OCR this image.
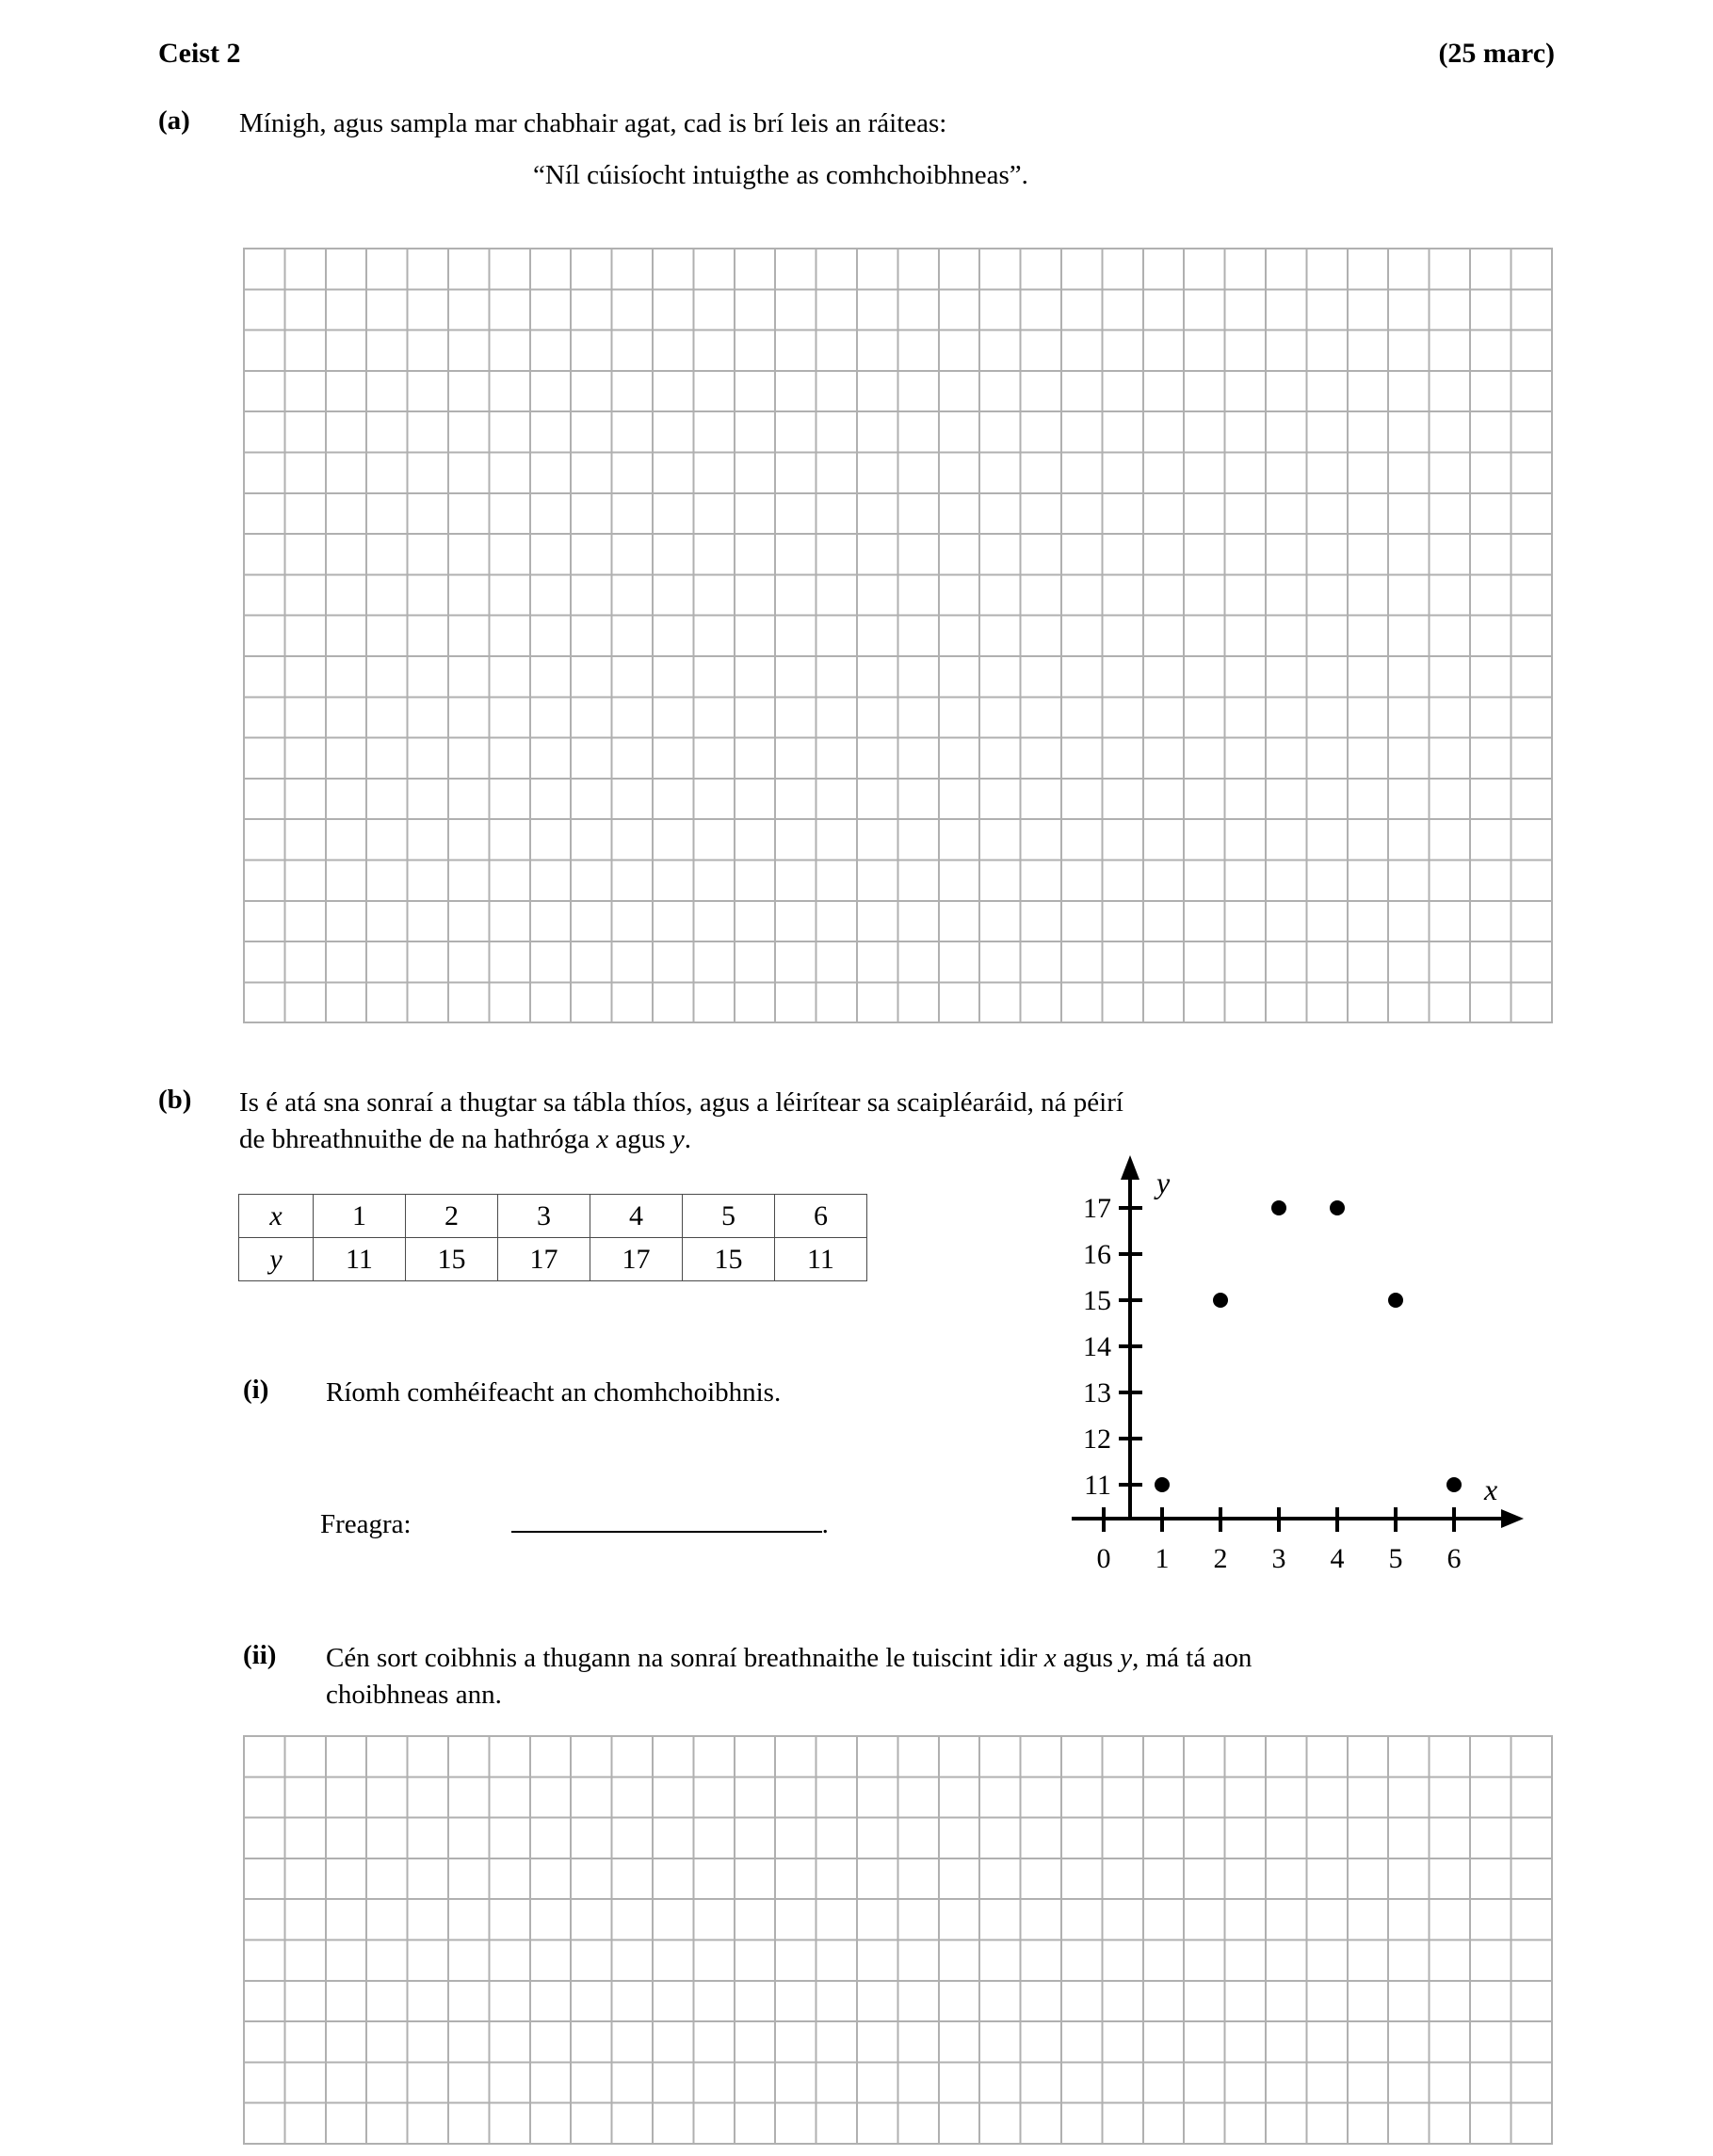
Ceist 2	(25 marc)
(a)	Mínigh, agus sampla mar chabhair agat, cad is brí leis an ráiteas:
“Níl cúisíocht intuigthe as comhchoibhneas”.
(b)	Is é atá sna sonraí a thugtar sa tábla thíos, agus a léirítear sa scaipléaráid, ná péirí
de bhreathnuithe de na hathróga x agus y.
x	1	2	3	4	5	6
y	11	15	17	17	15	11
17
16
15
14
13
12
11
0 1 2 3 4 5 6
y
x
(i)	Ríomh comhéifeacht an chomhchoibhnis.
Freagra:	.
(ii)	Cén sort coibhnis a thugann na sonraí breathnaithe le tuiscint idir x agus y, má tá aon
choibhneas ann.
